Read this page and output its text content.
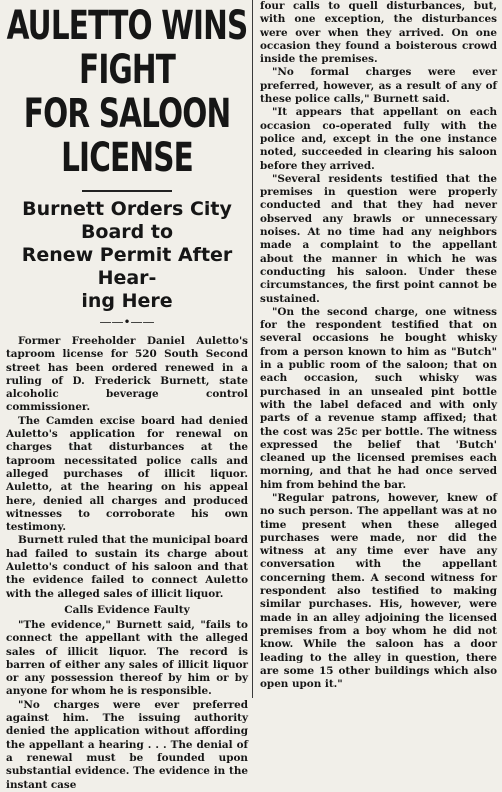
AULETTO WINS FIGHT
FOR SALOON LICENSE
Burnett Orders City Board to
Renew Permit After Hear-
ing Here
——•——

Former Freeholder Daniel Auletto's taproom license for 520 South Second street has been ordered renewed in a ruling of D. Frederick Burnett, state alcoholic beverage control commissioner.

The Camden excise board had denied Auletto's application for renewal on charges that disturbances at the taproom necessitated police calls and alleged purchases of illicit liquor. Auletto, at the hearing on his appeal here, denied all charges and produced witnesses to corroborate his own testimony.

Burnett ruled that the municipal board had failed to sustain its charge about Auletto's conduct of his saloon and that the evidence failed to connect Auletto with the alleged sales of illicit liquor.

Calls Evidence Faulty

"The evidence," Burnett said, "fails to connect the appellant with the alleged sales of illicit liquor. The record is barren of either any sales of illicit liquor or any possession thereof by him or by anyone for whom he is responsible.

"No charges were ever preferred against him. The issuing authority denied the application without affording the appellant a hearing . . . The denial of a renewal must be founded upon substantial evidence. The evidence in the instant case

four calls to quell disturbances, but, with one exception, the disturbances were over when they arrived. On one occasion they found a boisterous crowd inside the premises.

"No formal charges were ever preferred, however, as a result of any of these police calls," Burnett said.

"It appears that appellant on each occasion co-operated fully with the police and, except in the one instance noted, succeeded in clearing his saloon before they arrived.

"Several residents testified that the premises in question were properly conducted and that they had never observed any brawls or unnecessary noises. At no time had any neighbors made a complaint to the appellant about the manner in which he was conducting his saloon. Under these circumstances, the first point cannot be sustained.

"On the second charge, one witness for the respondent testified that on several occasions he bought whisky from a person known to him as "Butch" in a public room of the saloon; that on each occasion, such whisky was purchased in an unsealed pint bottle with the label defaced and with only parts of a revenue stamp affixed; that the cost was 25c per bottle. The witness expressed the belief that 'Butch' cleaned up the licensed premises each morning, and that he had once served him from behind the bar.

"Regular patrons, however, knew of no such person. The appellant was at no time present when these alleged purchases were made, nor did the witness at any time ever have any conversation with the appellant concerning them. A second witness for respondent also testified to making similar purchases. His, however, were made in an alley adjoining the licensed premises from a boy whom he did not know. While the saloon has a door leading to the alley in question, there are some 15 other buildings which also open upon it."
